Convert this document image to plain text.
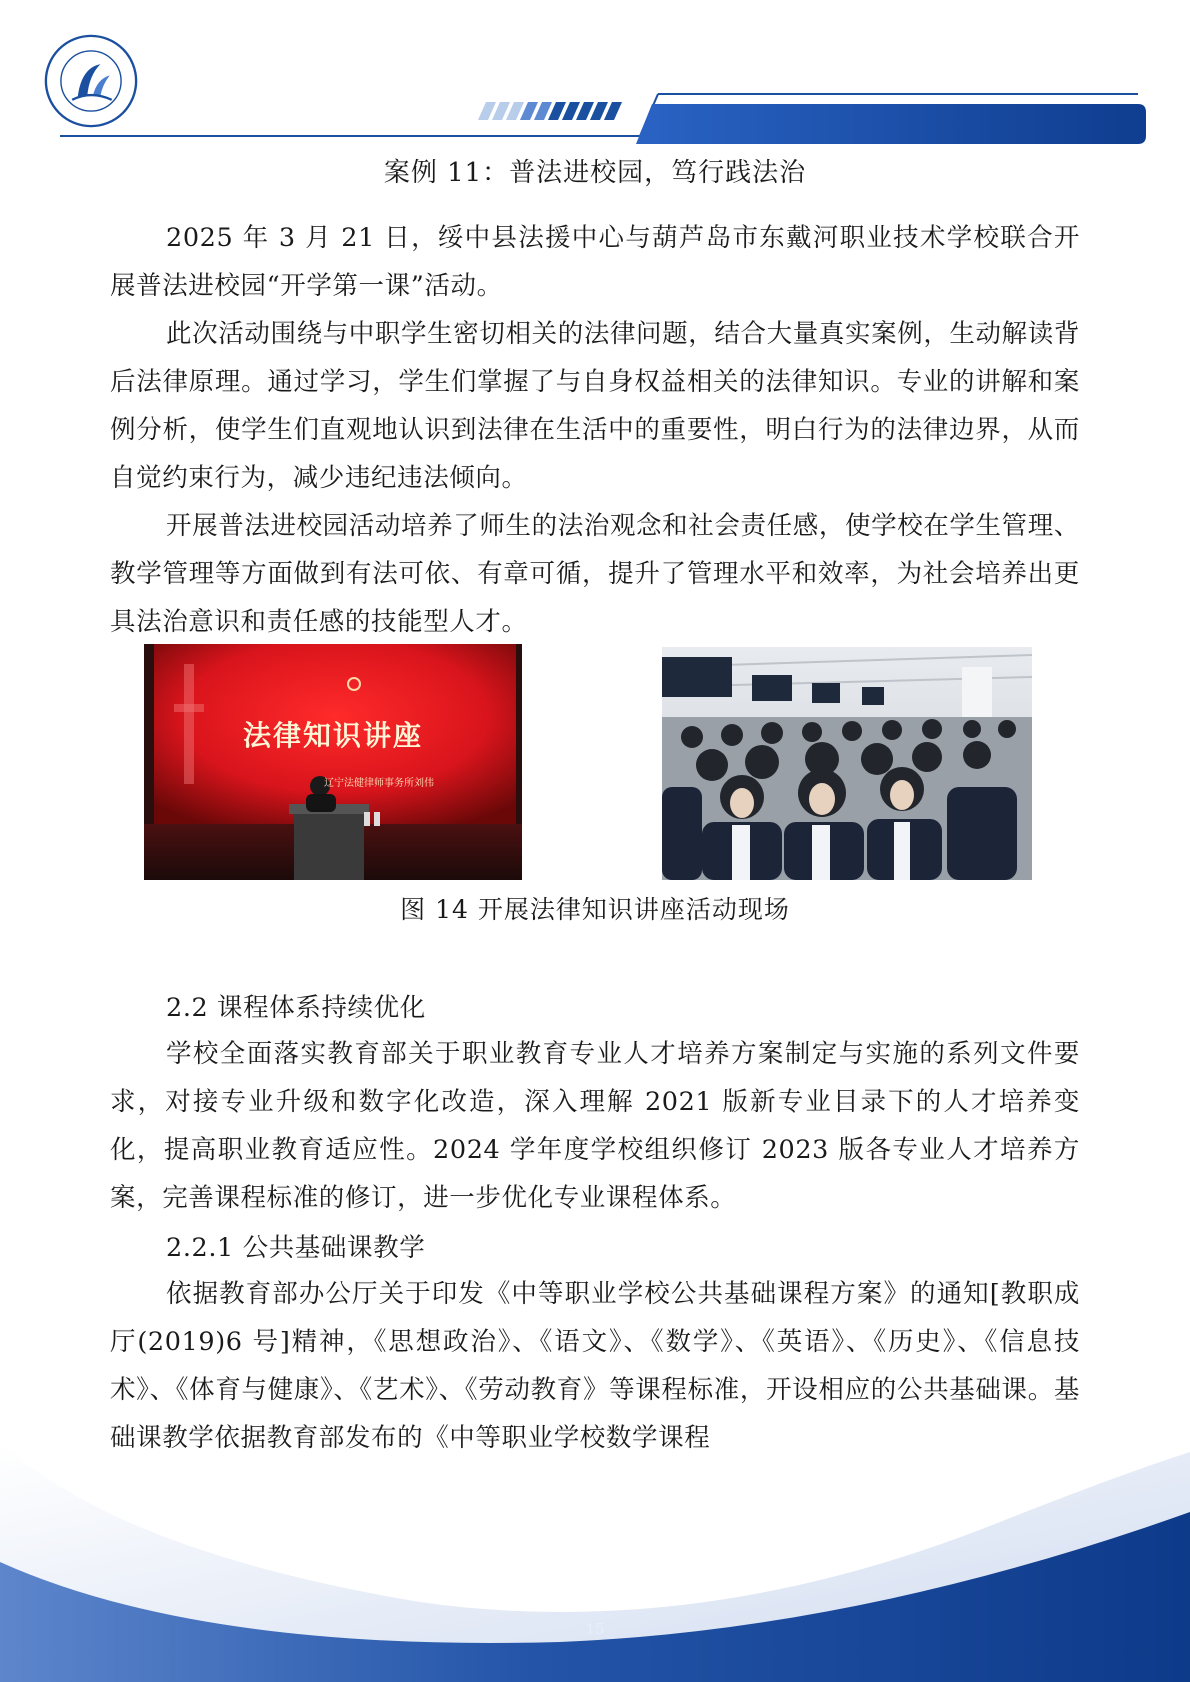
案例 11：普法进校园，笃行践法治

2025 年 3 月 21 日，绥中县法援中心与葫芦岛市东戴河职业技术学校联合开展普法进校园“开学第一课”活动。

此次活动围绕与中职学生密切相关的法律问题，结合大量真实案例，生动解读背后法律原理。通过学习，学生们掌握了与自身权益相关的法律知识。专业的讲解和案例分析，使学生们直观地认识到法律在生活中的重要性，明白行为的法律边界，从而自觉约束行为，减少违纪违法倾向。

开展普法进校园活动培养了师生的法治观念和社会责任感，使学校在学生管理、教学管理等方面做到有法可依、有章可循，提升了管理水平和效率，为社会培养出更具法治意识和责任感的技能型人才。

法律知识讲座
辽宁法健律师事务所刘伟
图 14 开展法律知识讲座活动现场
2.2 课程体系持续优化

学校全面落实教育部关于职业教育专业人才培养方案制定与实施的系列文件要求，对接专业升级和数字化改造，深入理解 2021 版新专业目录下的人才培养变化，提高职业教育适应性。2024 学年度学校组织修订 2023 版各专业人才培养方案，完善课程标准的修订，进一步优化专业课程体系。

2.2.1 公共基础课教学

依据教育部办公厅关于印发《中等职业学校公共基础课程方案》的通知[教职成厅(2019)6 号]精神，《思想政治》、《语文》、《数学》、《英语》、《历史》、《信息技术》、《体育与健康》、《艺术》、《劳动教育》等课程标准，开设相应的公共基础课。基础课教学依据教育部发布的《中等职业学校数学课程

15
